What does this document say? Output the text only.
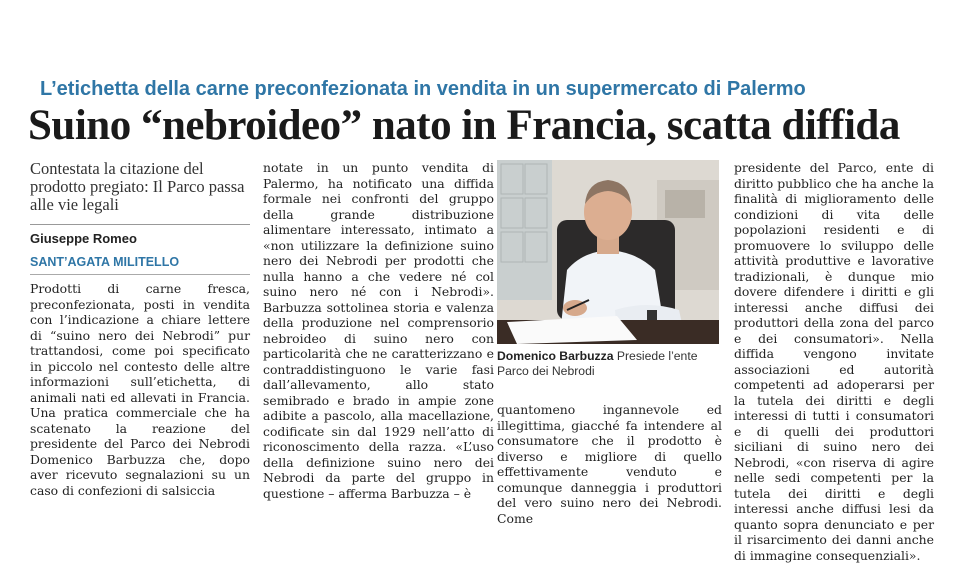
L’etichetta della carne preconfezionata in vendita in un supermercato di Palermo
Suino “nebroideo” nato in Francia, scatta diffida
Contestata la citazione del prodotto pregiato: Il Parco passa alle vie legali
Giuseppe Romeo
SANT’AGATA MILITELLO

Prodotti di carne fresca, preconfezionata, posti in vendita con l’indicazione a chiare lettere di “suino nero dei Nebrodi” pur trattandosi, come poi specificato in piccolo nel contesto delle altre informazioni sull’etichetta, di animali nati ed allevati in Francia. Una pratica commerciale che ha scatenato la reazione del presidente del Parco dei Nebrodi Domenico Barbuzza che, dopo aver ricevuto segnalazioni su un caso di confezioni di salsiccia

notate in un punto vendita di Palermo, ha notificato una diffida formale nei confronti del gruppo della grande distribuzione alimentare interessato, intimato a «non utilizzare la definizione suino nero dei Nebrodi per prodotti che nulla hanno a che vedere né col suino nero né con i Nebrodi». Barbuzza sottolinea storia e valenza della produzione nel comprensorio nebroideo di suino nero con particolarità che ne caratterizzano e contraddistinguono le varie fasi dall’allevamento, allo stato semibrado e brado in ampie zone adibite a pascolo, alla macellazione, codificate sin dal 1929 nell’atto di riconoscimento della razza. «L’uso della definizione suino nero dei Nebrodi da parte del gruppo in questione – afferma Barbuzza – è

Domenico Barbuzza Presiede l’ente Parco dei Nebrodi

quantomeno ingannevole ed illegittima, giacché fa intendere al consumatore che il prodotto è diverso e migliore di quello effettivamente venduto e comunque danneggia i produttori del vero suino nero dei Nebrodi. Come

presidente del Parco, ente di diritto pubblico che ha anche la finalità di miglioramento delle condizioni di vita delle popolazioni residenti e di promuovere lo sviluppo delle attività produttive e lavorative tradizionali, è dunque mio dovere difendere i diritti e gli interessi anche diffusi dei produttori della zona del parco e dei consumatori». Nella diffida vengono invitate associazioni ed autorità competenti ad adoperarsi per la tutela dei diritti e degli interessi di tutti i consumatori e di quelli dei produttori siciliani di suino nero dei Nebrodi, «con riserva di agire nelle sedi competenti per la tutela dei diritti e degli interessi anche diffusi lesi da quanto sopra denunciato e per il risarcimento dei danni anche di immagine consequenziali».
